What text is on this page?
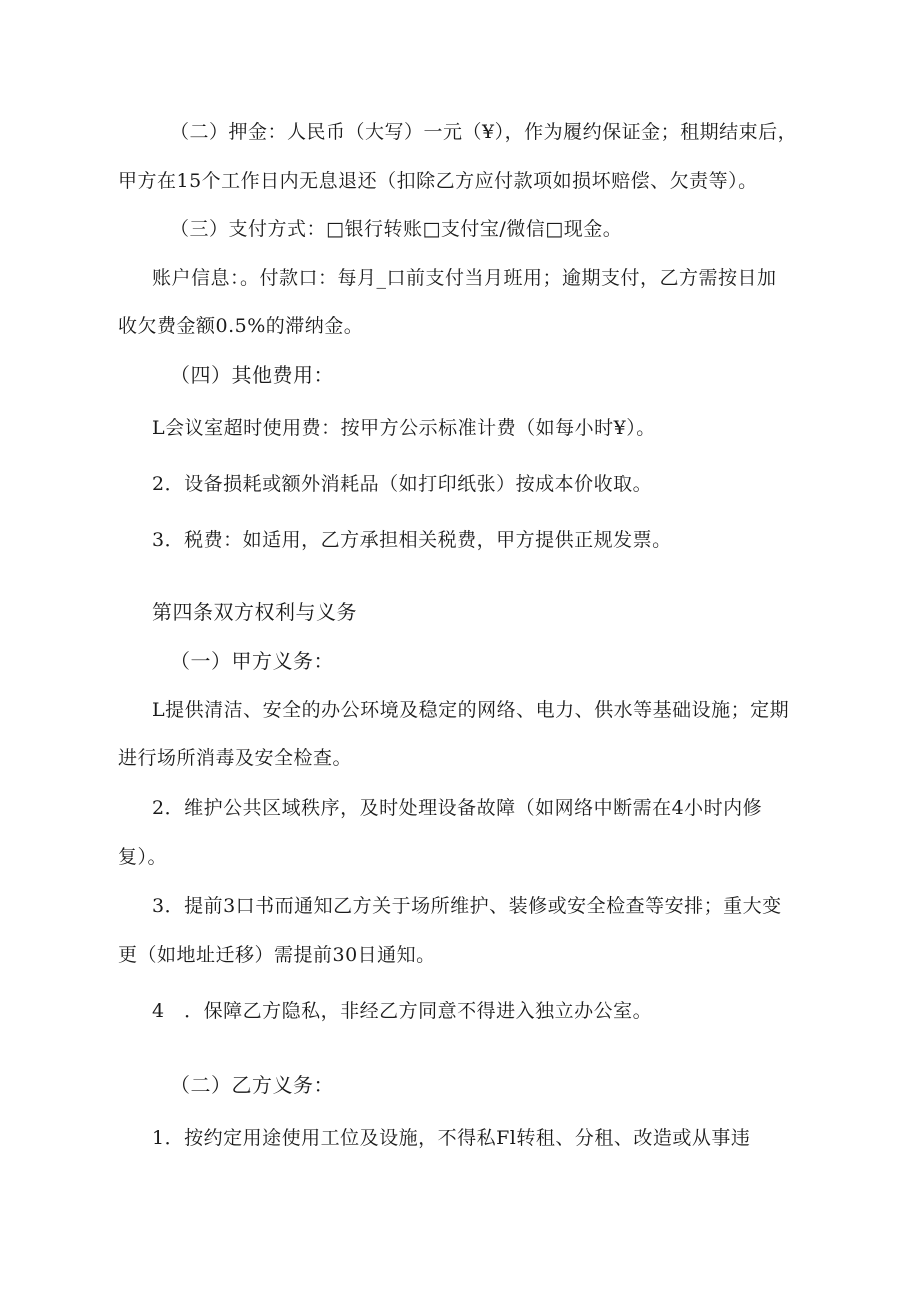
（二）押金：人民币（大写）一元（¥），作为履约保证金；租期结束后，
甲方在15个工作日内无息退还（扣除乙方应付款项如损坏赔偿、欠责等）。
（三）支付方式：□银行转账□支付宝/微信□现金。
账户信息：。付款口：每月_口前支付当月班用；逾期支付，乙方需按日加
收欠费金额0.5%的滞纳金。
（四）其他费用：
L会议室超时使用费：按甲方公示标准计费（如每小时¥）。
2．设备损耗或额外消耗品（如打印纸张）按成本价收取。
3．税费：如适用，乙方承担相关税费，甲方提供正规发票。
第四条双方权利与义务
（一）甲方义务：
L提供清洁、安全的办公环境及稳定的网络、电力、供水等基础设施；定期
进行场所消毒及安全检查。
2．维护公共区域秩序，及时处理设备故障（如网络中断需在4小时内修
复）。
3．提前3口书而通知乙方关于场所维护、装修或安全检查等安排；重大变
更（如地址迁移）需提前30日通知。
4　．保障乙方隐私，非经乙方同意不得进入独立办公室。
（二）乙方义务：
1．按约定用途使用工位及设施，不得私Fl转租、分租、改造或从事违
